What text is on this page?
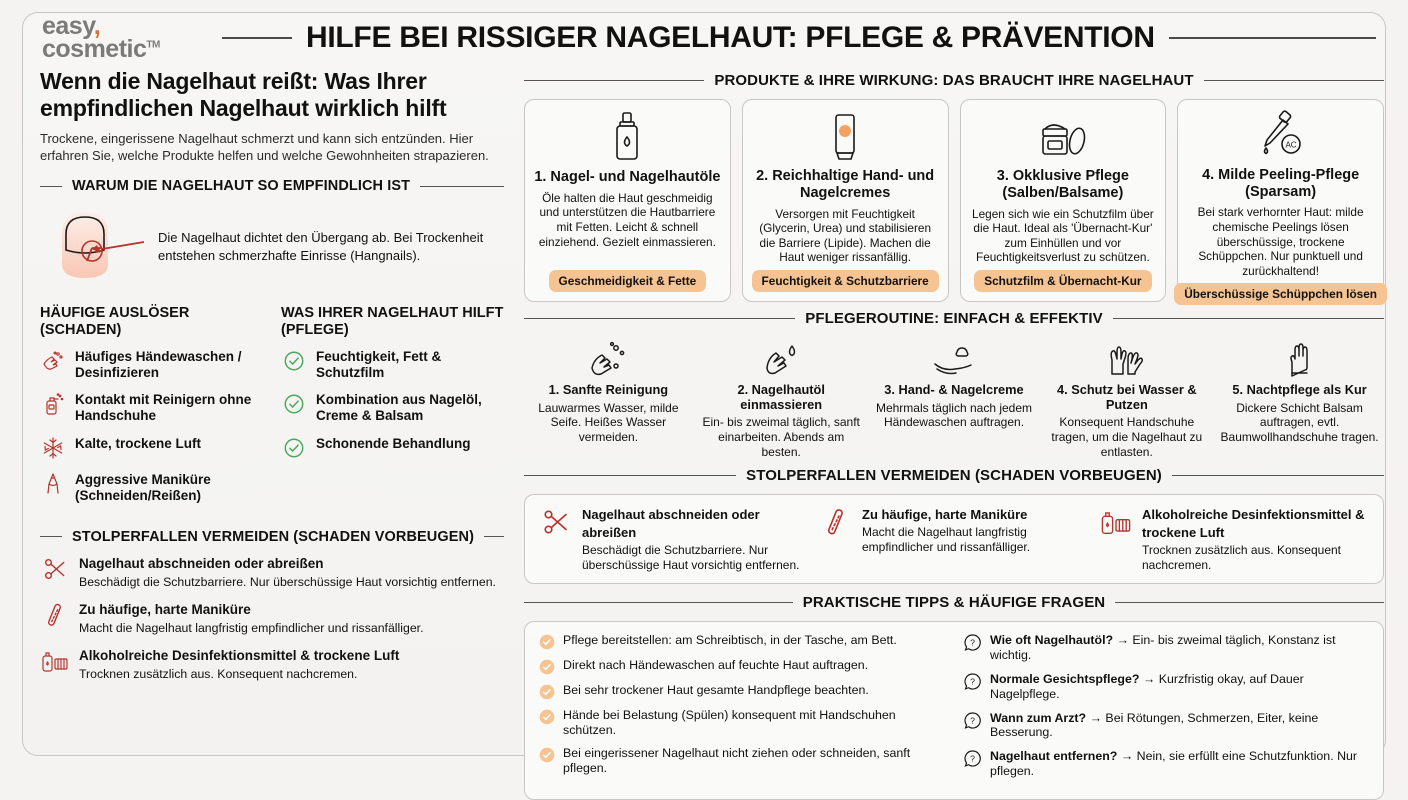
easy,
cosmetic™	HILFE BEI RISSIGER NAGELHAUT: PFLEGE & PRÄVENTION
Wenn die Nagelhaut reißt: Was Ihrer empfindlichen Nagelhaut wirklich hilft
Trockene, eingerissene Nagelhaut schmerzt und kann sich entzünden. Hier erfahren Sie, welche Produkte helfen und welche Gewohnheiten strapazieren.
WARUM DIE NAGELHAUT SO EMPFINDLICH IST
Die Nagelhaut dichtet den Übergang ab. Bei Trockenheit entstehen schmerzhafte Einrisse (Hangnails).
HÄUFIGE AUSLÖSER (SCHADEN)
Häufiges Händewaschen / Desinfizieren
Kontakt mit Reinigern ohne Handschuhe
Kalte, trockene Luft
Aggressive Maniküre (Schneiden/Reißen)
WAS IHRER NAGELHAUT HILFT (PFLEGE)
Feuchtigkeit, Fett & Schutzfilm
Kombination aus Nagelöl, Creme & Balsam
Schonende Behandlung
STOLPERFALLEN VERMEIDEN (SCHADEN VORBEUGEN)
Nagelhaut abschneiden oder abreißen
Beschädigt die Schutzbarriere. Nur überschüssige Haut vorsichtig entfernen.
Zu häufige, harte Maniküre
Macht die Nagelhaut langfristig empfindlicher und rissanfälliger.
Alkoholreiche Desinfektionsmittel & trockene Luft
Trocknen zusätzlich aus. Konsequent nachcremen.
PRODUKTE & IHRE WIRKUNG: DAS BRAUCHT IHRE NAGELHAUT
1. Nagel- und Nagelhautöle
Öle halten die Haut geschmeidig und unterstützen die Hautbarriere mit Fetten. Leicht & schnell einziehend. Gezielt einmassieren.
Geschmeidigkeit & Fette
2. Reichhaltige Hand- und Nagelcremes
Versorgen mit Feuchtigkeit (Glycerin, Urea) und stabilisieren die Barriere (Lipide). Machen die Haut weniger rissanfällig.
Feuchtigkeit & Schutzbarriere
3. Okklusive Pflege (Salben/Balsame)
Legen sich wie ein Schutzfilm über die Haut. Ideal als 'Übernacht-Kur' zum Einhüllen und vor Feuchtigkeitsverlust zu schützen.
Schutzfilm & Übernacht-Kur
AC
4. Milde Peeling-Pflege (Sparsam)
Bei stark verhornter Haut: milde chemische Peelings lösen überschüssige, trockene Schüppchen. Nur punktuell und zurückhaltend!
Überschüssige Schüppchen lösen
PFLEGEROUTINE: EINFACH & EFFEKTIV
1. Sanfte Reinigung
Lauwarmes Wasser, milde Seife. Heißes Wasser vermeiden.
2. Nagelhautöl einmassieren
Ein- bis zweimal täglich, sanft einarbeiten. Abends am besten.
3. Hand- & Nagelcreme
Mehrmals täglich nach jedem Händewaschen auftragen.
4. Schutz bei Wasser & Putzen
Konsequent Handschuhe tragen, um die Nagelhaut zu entlasten.
5. Nachtpflege als Kur
Dickere Schicht Balsam auftragen, evtl. Baumwollhandschuhe tragen.
STOLPERFALLEN VERMEIDEN (SCHADEN VORBEUGEN)
Nagelhaut abschneiden oder abreißen
Beschädigt die Schutzbarriere. Nur überschüssige Haut vorsichtig entfernen.
Zu häufige, harte Maniküre
Macht die Nagelhaut langfristig empfindlicher und rissanfälliger.
Alkoholreiche Desinfektionsmittel & trockene Luft
Trocknen zusätzlich aus. Konsequent nachcremen.
PRAKTISCHE TIPPS & HÄUFIGE FRAGEN
Pflege bereitstellen: am Schreibtisch, in der Tasche, am Bett.
Direkt nach Händewaschen auf feuchte Haut auftragen.
Bei sehr trockener Haut gesamte Handpflege beachten.
Hände bei Belastung (Spülen) konsequent mit Handschuhen schützen.
Bei eingerissener Nagelhaut nicht ziehen oder schneiden, sanft pflegen.
? Wie oft Nagelhautöl? → Ein- bis zweimal täglich, Konstanz ist wichtig.
? Normale Gesichtspflege? → Kurzfristig okay, auf Dauer Nagelpflege.
? Wann zum Arzt? → Bei Rötungen, Schmerzen, Eiter, keine Besserung.
? Nagelhaut entfernen? → Nein, sie erfüllt eine Schutzfunktion. Nur pflegen.
